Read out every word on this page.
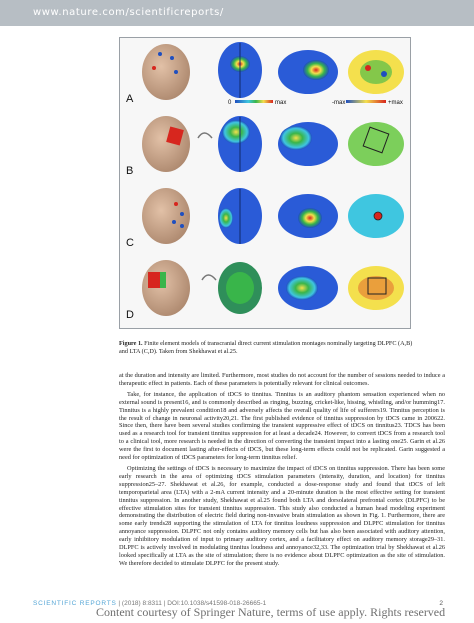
www.nature.com/scientificreports/
A
B
C
D
0	max	-max	+max
Figure 1. Finite element models of transcranial direct current stimulation montages nominally targeting DLPFC (A,B) and LTA (C,D). Taken from Shekhawat et al.25.

at the duration and intensity are limited. Furthermore, most studies do not account for the number of sessions needed to induce a therapeutic effect in patients. Each of these parameters is potentially relevant for clinical outcomes.

Take, for instance, the application of tDCS to tinnitus. Tinnitus is an auditory phantom sensation experienced when no external sound is present16, and is commonly described as ringing, buzzing, cricket-like, hissing, whistling, and/or humming17. Tinnitus is a highly prevalent condition18 and adversely affects the overall quality of life of sufferers19. Tinnitus perception is the result of change in neuronal activity20,21. The first published evidence of tinnitus suppression by tDCS came in 200622. Since then, there have been several studies confirming the transient suppressive effect of tDCS on tinnitus23. TDCS has been used as a research tool for transient tinnitus suppression for at least a decade24. However, to convert tDCS from a research tool to a clinical tool, more research is needed in the direction of converting the transient impact into a lasting one25. Garin et al.26 were the first to document lasting after-effects of tDCS, but these long-term effects could not be replicated. Garin suggested a need for optimization of tDCS parameters for long-term tinnitus relief.

Optimizing the settings of tDCS is necessary to maximize the impact of tDCS on tinnitus suppression. There has been some early research in the area of optimizing tDCS stimulation parameters (intensity, duration, and location) for tinnitus suppression25–27. Shekhawat et al.26, for example, conducted a dose-response study and found that tDCS of left temporoparietal area (LTA) with a 2-mA current intensity and a 20-minute duration is the most effective setting for transient tinnitus suppression. In another study, Shekhawat et al.25 found both LTA and dorsolateral prefrontal cortex (DLPFC) to be effective stimulation sites for transient tinnitus suppression. This study also conducted a human head modeling experiment demonstrating the distribution of electric field during non-invasive brain stimulation as shown in Fig. 1. Furthermore, there are some early trends28 supporting the stimulation of LTA for tinnitus loudness suppression and DLPFC stimulation for tinnitus annoyance suppression. DLPFC not only contains auditory memory cells but has also been associated with auditory attention, early inhibitory modulation of input to primary auditory cortex, and a facilitatory effect on auditory memory storage29–31. DLPFC is actively involved in modulating tinnitus loudness and annoyance32,33. The optimization trial by Shekhawat et al.26 looked specifically at LTA as the site of stimulation; there is no evidence about DLPFC optimization as the site of stimulation. We therefore decided to stimulate DLPFC for the present study.

SCIENTIFIC REPORTS | (2018) 8:8311 | DOI:10.1038/s41598-018-26665-1	2
Content courtesy of Springer Nature, terms of use apply. Rights reserved
